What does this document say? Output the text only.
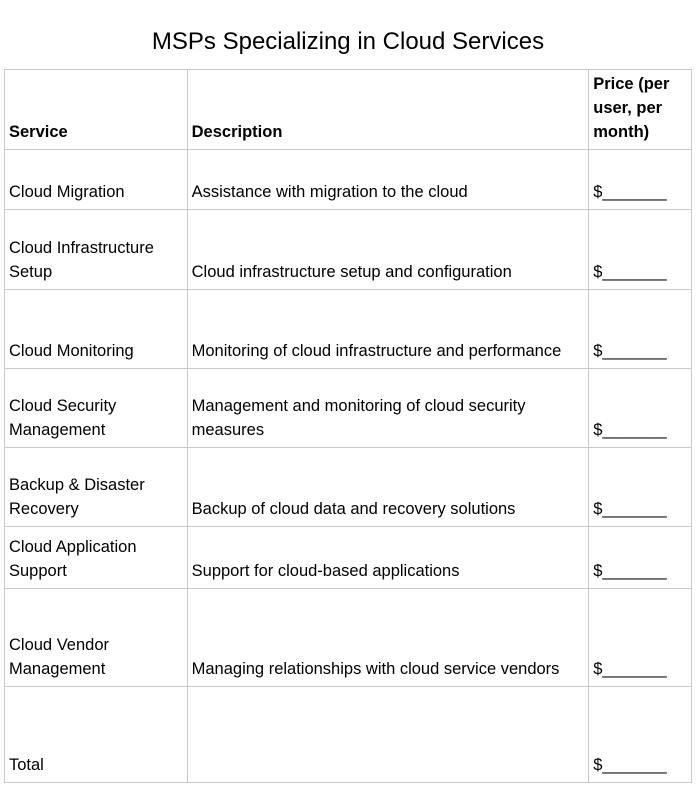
MSPs Specializing in Cloud Services
Service	Description	Price (per user, per month)
Cloud Migration	Assistance with migration to the cloud	$_______
Cloud Infrastructure Setup	Cloud infrastructure setup and configuration	$_______
Cloud Monitoring	Monitoring of cloud infrastructure and performance	$_______
Cloud Security Management	Management and monitoring of cloud security measures	$_______
Backup & Disaster Recovery	Backup of cloud data and recovery solutions	$_______
Cloud Application Support	Support for cloud-based applications	$_______
Cloud Vendor Management	Managing relationships with cloud service vendors	$_______
Total		$_______
